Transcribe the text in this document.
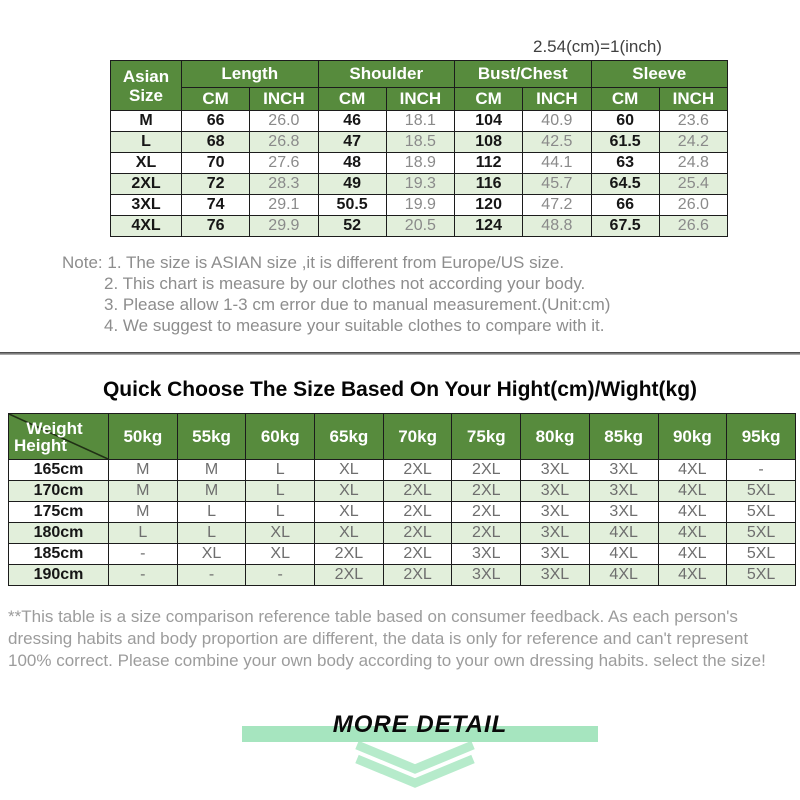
2.54(cm)=1(inch)
Asian Size	Length		Shoulder		Bust/Chest		Sleeve	
	CM	INCH	CM	INCH	CM	INCH	CM	INCH
M	66	26.0	46	18.1	104	40.9	60	23.6
L	68	26.8	47	18.5	108	42.5	61.5	24.2
XL	70	27.6	48	18.9	112	44.1	63	24.8
2XL	72	28.3	49	19.3	116	45.7	64.5	25.4
3XL	74	29.1	50.5	19.9	120	47.2	66	26.0
4XL	76	29.9	52	20.5	124	48.8	67.5	26.6
Note: 1. The size is ASIAN size ,it is different from Europe/US size.
2. This chart is measure by our clothes not according your body.
3. Please allow 1-3 cm error due to manual measurement.(Unit:cm)
4. We suggest to measure your suitable clothes to compare with it.
Quick Choose The Size Based On Your Hight(cm)/Wight(kg)
Weight
Height	50kg	55kg	60kg	65kg	70kg	75kg	80kg	85kg	90kg	95kg
165cm	M	M	L	XL	2XL	2XL	3XL	3XL	4XL	-
170cm	M	M	L	XL	2XL	2XL	3XL	3XL	4XL	5XL
175cm	M	L	L	XL	2XL	2XL	3XL	3XL	4XL	5XL
180cm	L	L	XL	XL	2XL	2XL	3XL	4XL	4XL	5XL
185cm	-	XL	XL	2XL	2XL	3XL	3XL	4XL	4XL	5XL
190cm	-	-	-	2XL	2XL	3XL	3XL	4XL	4XL	5XL
**This table is a size comparison reference table based on consumer feedback. As each person's dressing habits and body proportion are different, the data is only for reference and can't represent 100% correct. Please combine your own body according to your own dressing habits. select the size!
MORE DETAIL
